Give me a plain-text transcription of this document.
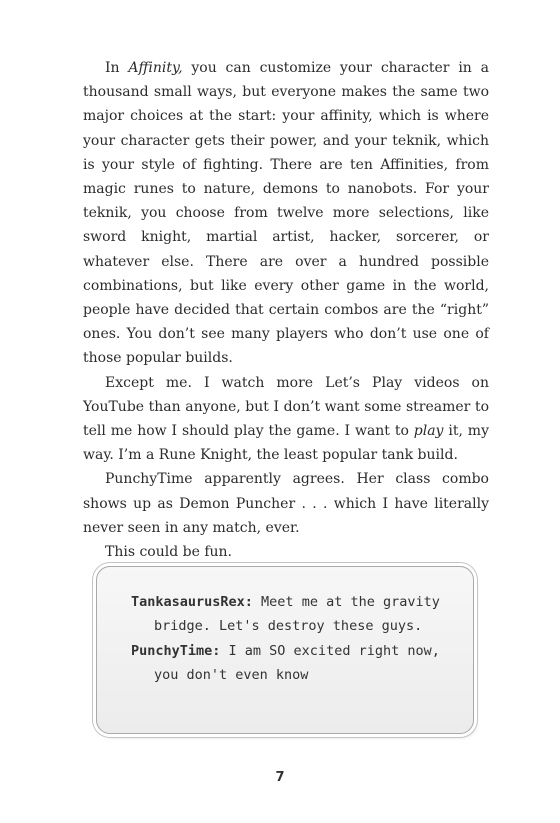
In Affinity, you can customize your character in a thousand small ways, but everyone makes the same two major choices at the start: your affinity, which is where your character gets their power, and your teknik, which is your style of fighting. There are ten Affinities, from magic runes to nature, demons to nanobots. For your teknik, you choose from twelve more selections, like sword knight, martial artist, hacker, sorcerer, or whatever else. There are over a hundred possible combinations, but like every other game in the world, people have decided that certain combos are the “right” ones. You don’t see many players who don’t use one of those popular builds.

Except me. I watch more Let’s Play videos on YouTube than anyone, but I don’t want some streamer to tell me how I should play the game. I want to play it, my way. I’m a Rune Knight, the least popular tank build.

PunchyTime apparently agrees. Her class combo shows up as Demon Puncher . . . which I have literally never seen in any match, ever.

This could be fun.

TankasaurusRex: Meet me at the gravity bridge. Let's destroy these guys.
PunchyTime: I am SO excited right now, you don't even know
7
